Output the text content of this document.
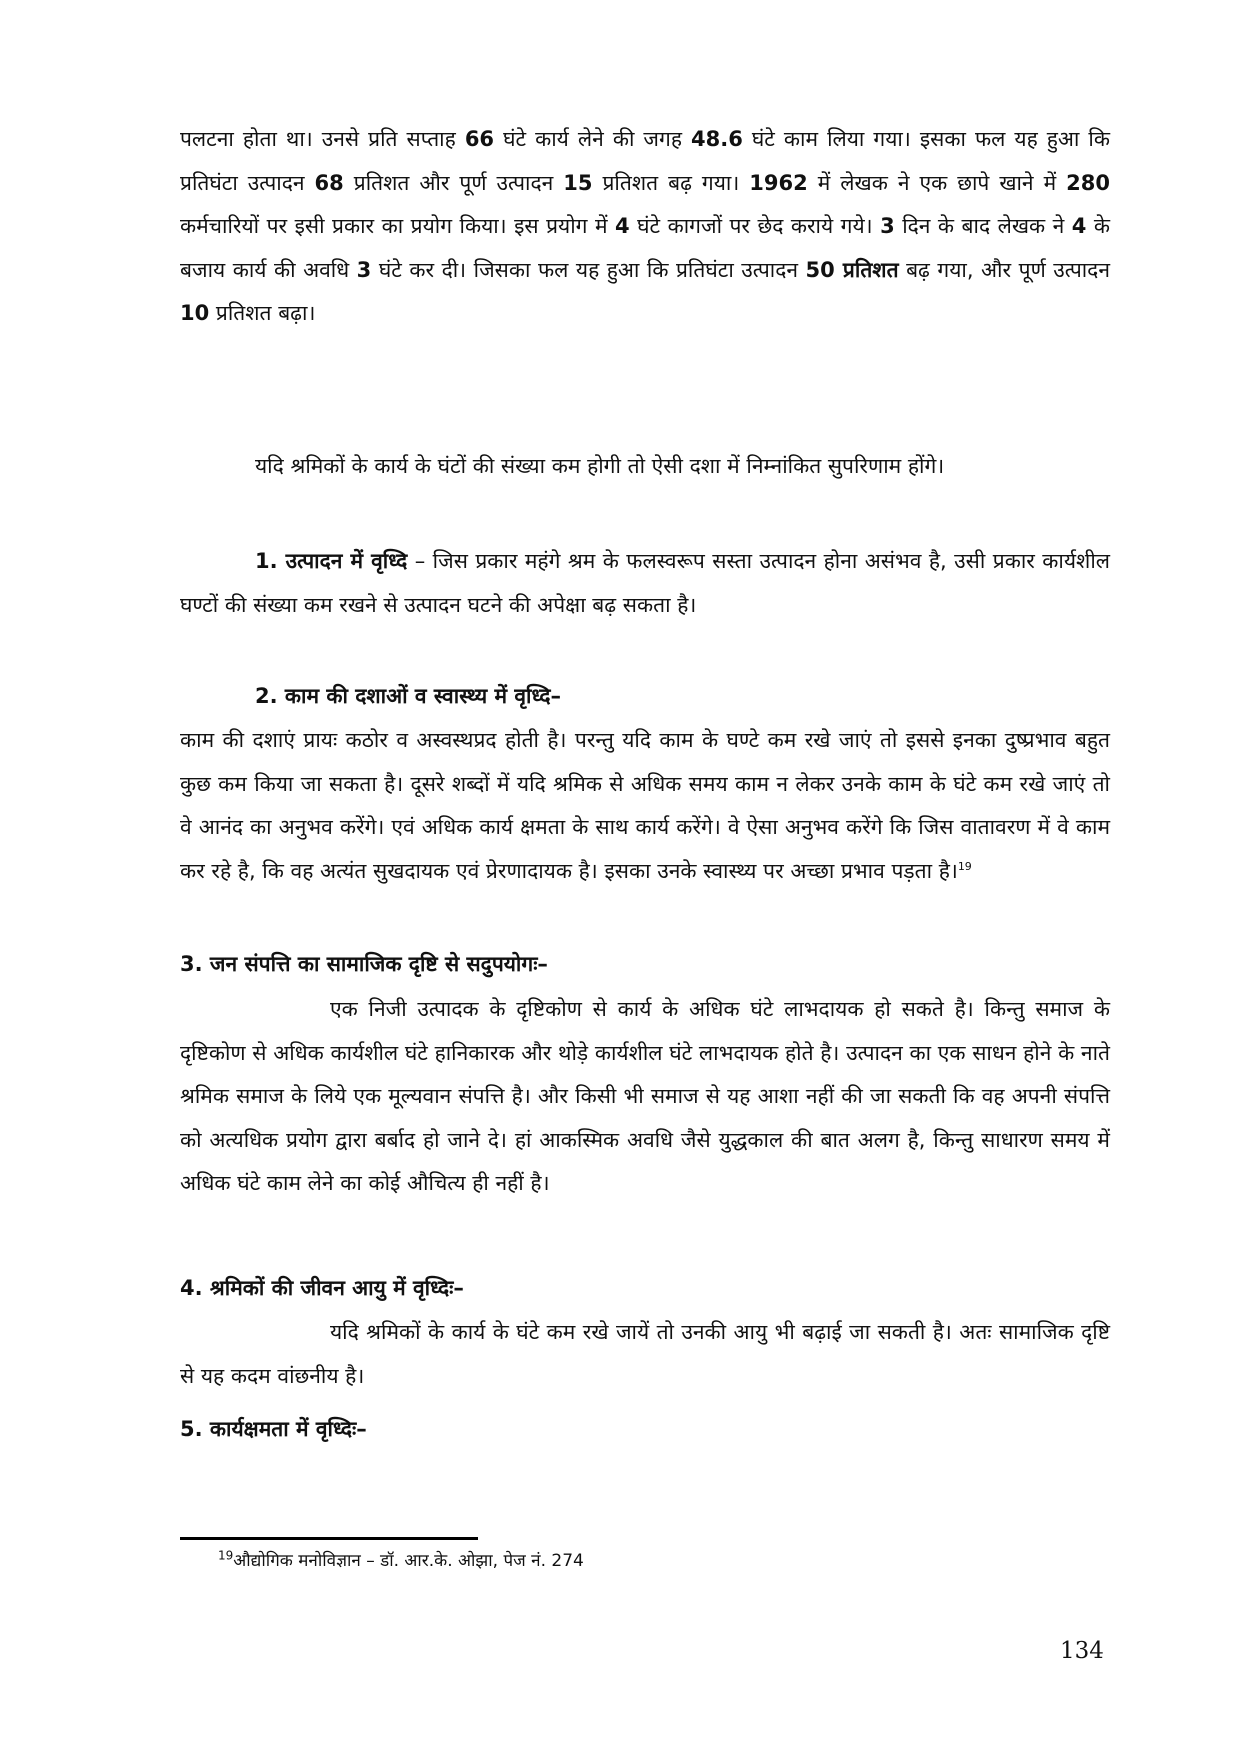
पलटना होता था। उनसे प्रति सप्ताह 66 घंटे कार्य लेने की जगह 48.6 घंटे काम लिया गया। इसका फल यह हुआ कि प्रतिघंटा उत्पादन 68 प्रतिशत और पूर्ण उत्पादन 15 प्रतिशत बढ़ गया। 1962 में लेखक ने एक छापे खाने में 280 कर्मचारियों पर इसी प्रकार का प्रयोग किया। इस प्रयोग में 4 घंटे कागजों पर छेद कराये गये। 3 दिन के बाद लेखक ने 4 के बजाय कार्य की अवधि 3 घंटे कर दी। जिसका फल यह हुआ कि प्रतिघंटा उत्पादन 50 प्रतिशत बढ़ गया, और पूर्ण उत्पादन 10 प्रतिशत बढ़ा।

यदि श्रमिकों के कार्य के घंटों की संख्या कम होगी तो ऐसी दशा में निम्नांकित सुपरिणाम होंगे।

1. उत्पादन में वृध्दि – जिस प्रकार महंगे श्रम के फलस्वरूप सस्ता उत्पादन होना असंभव है, उसी प्रकार कार्यशील घण्टों की संख्या कम रखने से उत्पादन घटने की अपेक्षा बढ़ सकता है।

2. काम की दशाओं व स्वास्थ्य में वृध्दि–

काम की दशाएं प्रायः कठोर व अस्वस्थप्रद होती है। परन्तु यदि काम के घण्टे कम रखे जाएं तो इससे इनका दुष्प्रभाव बहुत कुछ कम किया जा सकता है। दूसरे शब्दों में यदि श्रमिक से अधिक समय काम न लेकर उनके काम के घंटे कम रखे जाएं तो वे आनंद का अनुभव करेंगे। एवं अधिक कार्य क्षमता के साथ कार्य करेंगे। वे ऐसा अनुभव करेंगे कि जिस वातावरण में वे काम कर रहे है, कि वह अत्यंत सुखदायक एवं प्रेरणादायक है। इसका उनके स्वास्थ्य पर अच्छा प्रभाव पड़ता है।$^{19}$

3. जन संपत्ति का सामाजिक दृष्टि से सदुपयोगः–

एक निजी उत्पादक के दृष्टिकोण से कार्य के अधिक घंटे लाभदायक हो सकते है। किन्तु समाज के दृष्टिकोण से अधिक कार्यशील घंटे हानिकारक और थोड़े कार्यशील घंटे लाभदायक होते है। उत्पादन का एक साधन होने के नाते श्रमिक समाज के लिये एक मूल्यवान संपत्ति है। और किसी भी समाज से यह आशा नहीं की जा सकती कि वह अपनी संपत्ति को अत्यधिक प्रयोग द्वारा बर्बाद हो जाने दे। हां आकस्मिक अवधि जैसे युद्धकाल की बात अलग है, किन्तु साधारण समय में अधिक घंटे काम लेने का कोई औचित्य ही नहीं है।

4. श्रमिकों की जीवन आयु में वृध्दिः–

यदि श्रमिकों के कार्य के घंटे कम रखे जायें तो उनकी आयु भी बढ़ाई जा सकती है। अतः सामाजिक दृष्टि से यह कदम वांछनीय है।

5. कार्यक्षमता में वृध्दिः–

$^{19}$औद्योगिक मनोविज्ञान – डॉ. आर.के. ओझा, पेज नं. 274

134
